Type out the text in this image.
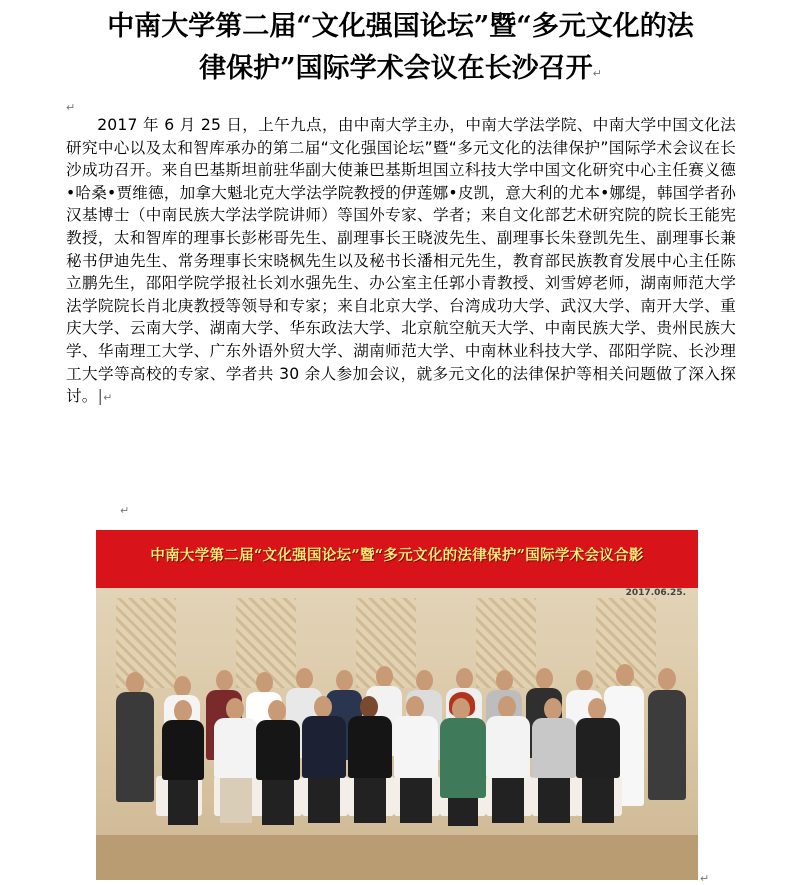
中南大学第二届“文化强国论坛”暨“多元文化的法
律保护”国际学术会议在长沙召开↵
↵
2017 年 6 月 25 日，上午九点，由中南大学主办，中南大学法学院、中南大学中国文化法研究中心以及太和智库承办的第二届“文化强国论坛”暨“多元文化的法律保护”国际学术会议在长沙成功召开。来自巴基斯坦前驻华副大使兼巴基斯坦国立科技大学中国文化研究中心主任赛义德•哈桑•贾维德，加拿大魁北克大学法学院教授的伊莲娜•皮凯，意大利的尤本•娜缇，韩国学者孙汉基博士（中南民族大学法学院讲师）等国外专家、学者；来自文化部艺术研究院的院长王能宪教授，太和智库的理事长彭彬哥先生、副理事长王晓波先生、副理事长朱登凯先生、副理事长兼秘书伊迪先生、常务理事长宋晓枫先生以及秘书长潘相元先生，教育部民族教育发展中心主任陈立鹏先生，邵阳学院学报社长刘水强先生、办公室主任郭小青教授、刘雪婷老师，湖南师范大学法学院院长肖北庚教授等领导和专家；来自北京大学、台湾成功大学、武汉大学、南开大学、重庆大学、云南大学、湖南大学、华东政法大学、北京航空航天大学、中南民族大学、贵州民族大学、华南理工大学、广东外语外贸大学、湖南师范大学、中南林业科技大学、邵阳学院、长沙理工大学等高校的专家、学者共 30 余人参加会议，就多元文化的法律保护等相关问题做了深入探讨。|↵
↵
中南大学第二届“文化强国论坛”暨“多元文化的法律保护”国际学术会议合影
2017.06.25.
↵
